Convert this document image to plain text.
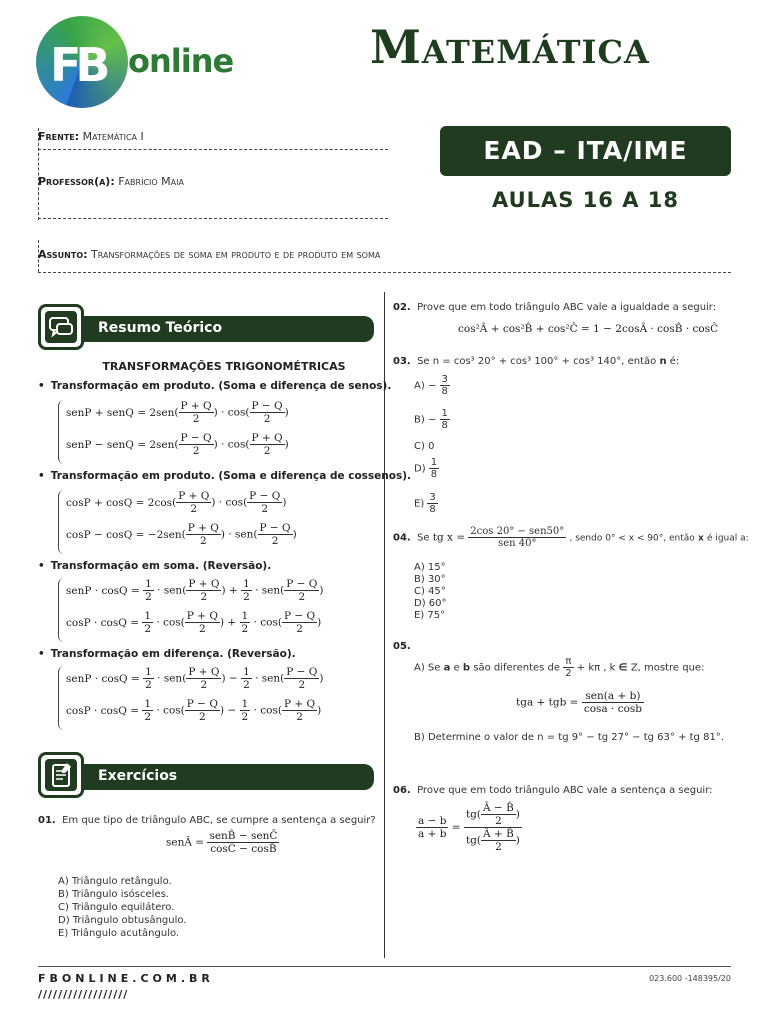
FB online	Matemática
Frente: Matemática I
Professor(a): Fabrício Maia
Assunto: Transformações de soma em produto e de produto em soma
EAD – ITA/IME
AULAS 16 A 18
Resumo Teórico
TRANSFORMAÇÕES TRIGONOMÉTRICAS
• Transformação em produto. (Soma e diferença de senos).
senP + senQ = $2sen( \frac{P + Q}{2}$ ) · $\cos( \frac{P - Q}{2}$ )
senP − senQ = $2sen( \frac{P - Q}{2}$ ) · $\cos( \frac{P + Q}{2}$ )
• Transformação em produto. (Soma e diferença de cossenos).
$\cos P + \cos Q = 2\cos( \frac{P + Q}{2}$ ) · $\cos( \frac{P - Q}{2}$ )
$\cos P - \cos Q = -2sen( \frac{P + Q}{2}$ ) · $sen( \frac{P - Q}{2}$ )
• Transformação em soma. (Reversão).
senP · $\cos Q = \frac{1}{2} \cdot sen( \frac{P + Q}{2}$ ) + $\frac{1}{2} \cdot sen( \frac{P - Q}{2}$ )
$\cos P \cdot \cos Q = \frac{1}{2} \cdot \cos( \frac{P + Q}{2}$ ) + $\frac{1}{2} \cdot \cos( \frac{P - Q}{2}$ )
• Transformação em diferença. (Reversão).
senP · $\cos Q = \frac{1}{2} \cdot sen( \frac{P + Q}{2}$ ) − $\frac{1}{2} \cdot sen( \frac{P - Q}{2}$ )
$\cos P \cdot \cos Q = \frac{1}{2} \cdot \cos( \frac{P - Q}{2}$ ) − $\frac{1}{2} \cdot \cos( \frac{P + Q}{2}$ )
Exercícios
01. Em que tipo de triângulo ABC, se cumpre a sentença a seguir?
senÂ = $\frac{\text{senB̂ − senĈ}}{\cos Ĉ - \cos B̂}$
A) Triângulo retângulo.
B) Triângulo isósceles.
C) Triângulo equilátero.
D) Triângulo obtusângulo.
E) Triângulo acutângulo.
02. Prove que em todo triângulo ABC vale a igualdade a seguir:
cos²Â + cos²B̂ + cos²Ĉ = 1 − 2cosÂ · cosB̂ · cosĈ
03. Se n = cos³ 20° + cos³ 100° + cos³ 140°, então n é:
$A) - \frac{3}{8}$
$B) - \frac{1}{8}$
C) 0
$D) \frac{1}{8}$
$E) \frac{3}{8}$
04. Se tg $x = \frac{\text{2cos 20° − sen50°}}{\text{sen 40°}}$ , sendo 0° < x < 90°, então x é igual a:
A) 15°
B) 30°
C) 45°
D) 60°
E) 75°
05.
A) Se a e b são diferentes de $\frac{\pi}{2} + k\pi$ , k ∈ Z, mostre que:
tga + tgb = $\frac{\text{sen(a + b)}}{\cos a \cdot \cos b}$
B) Determine o valor de n = tg 9° − tg 27° − tg 63° + tg 81°.
06. Prove que em todo triângulo ABC vale a sentença a seguir:
$\frac{a - b}{a + b} = \frac{tg( \frac{Â - B̂}{2} )}{tg( \frac{Â + B̂}{2} )}$
FBONLINE.COM.BR
//////////////////
023.600 -148395/20
